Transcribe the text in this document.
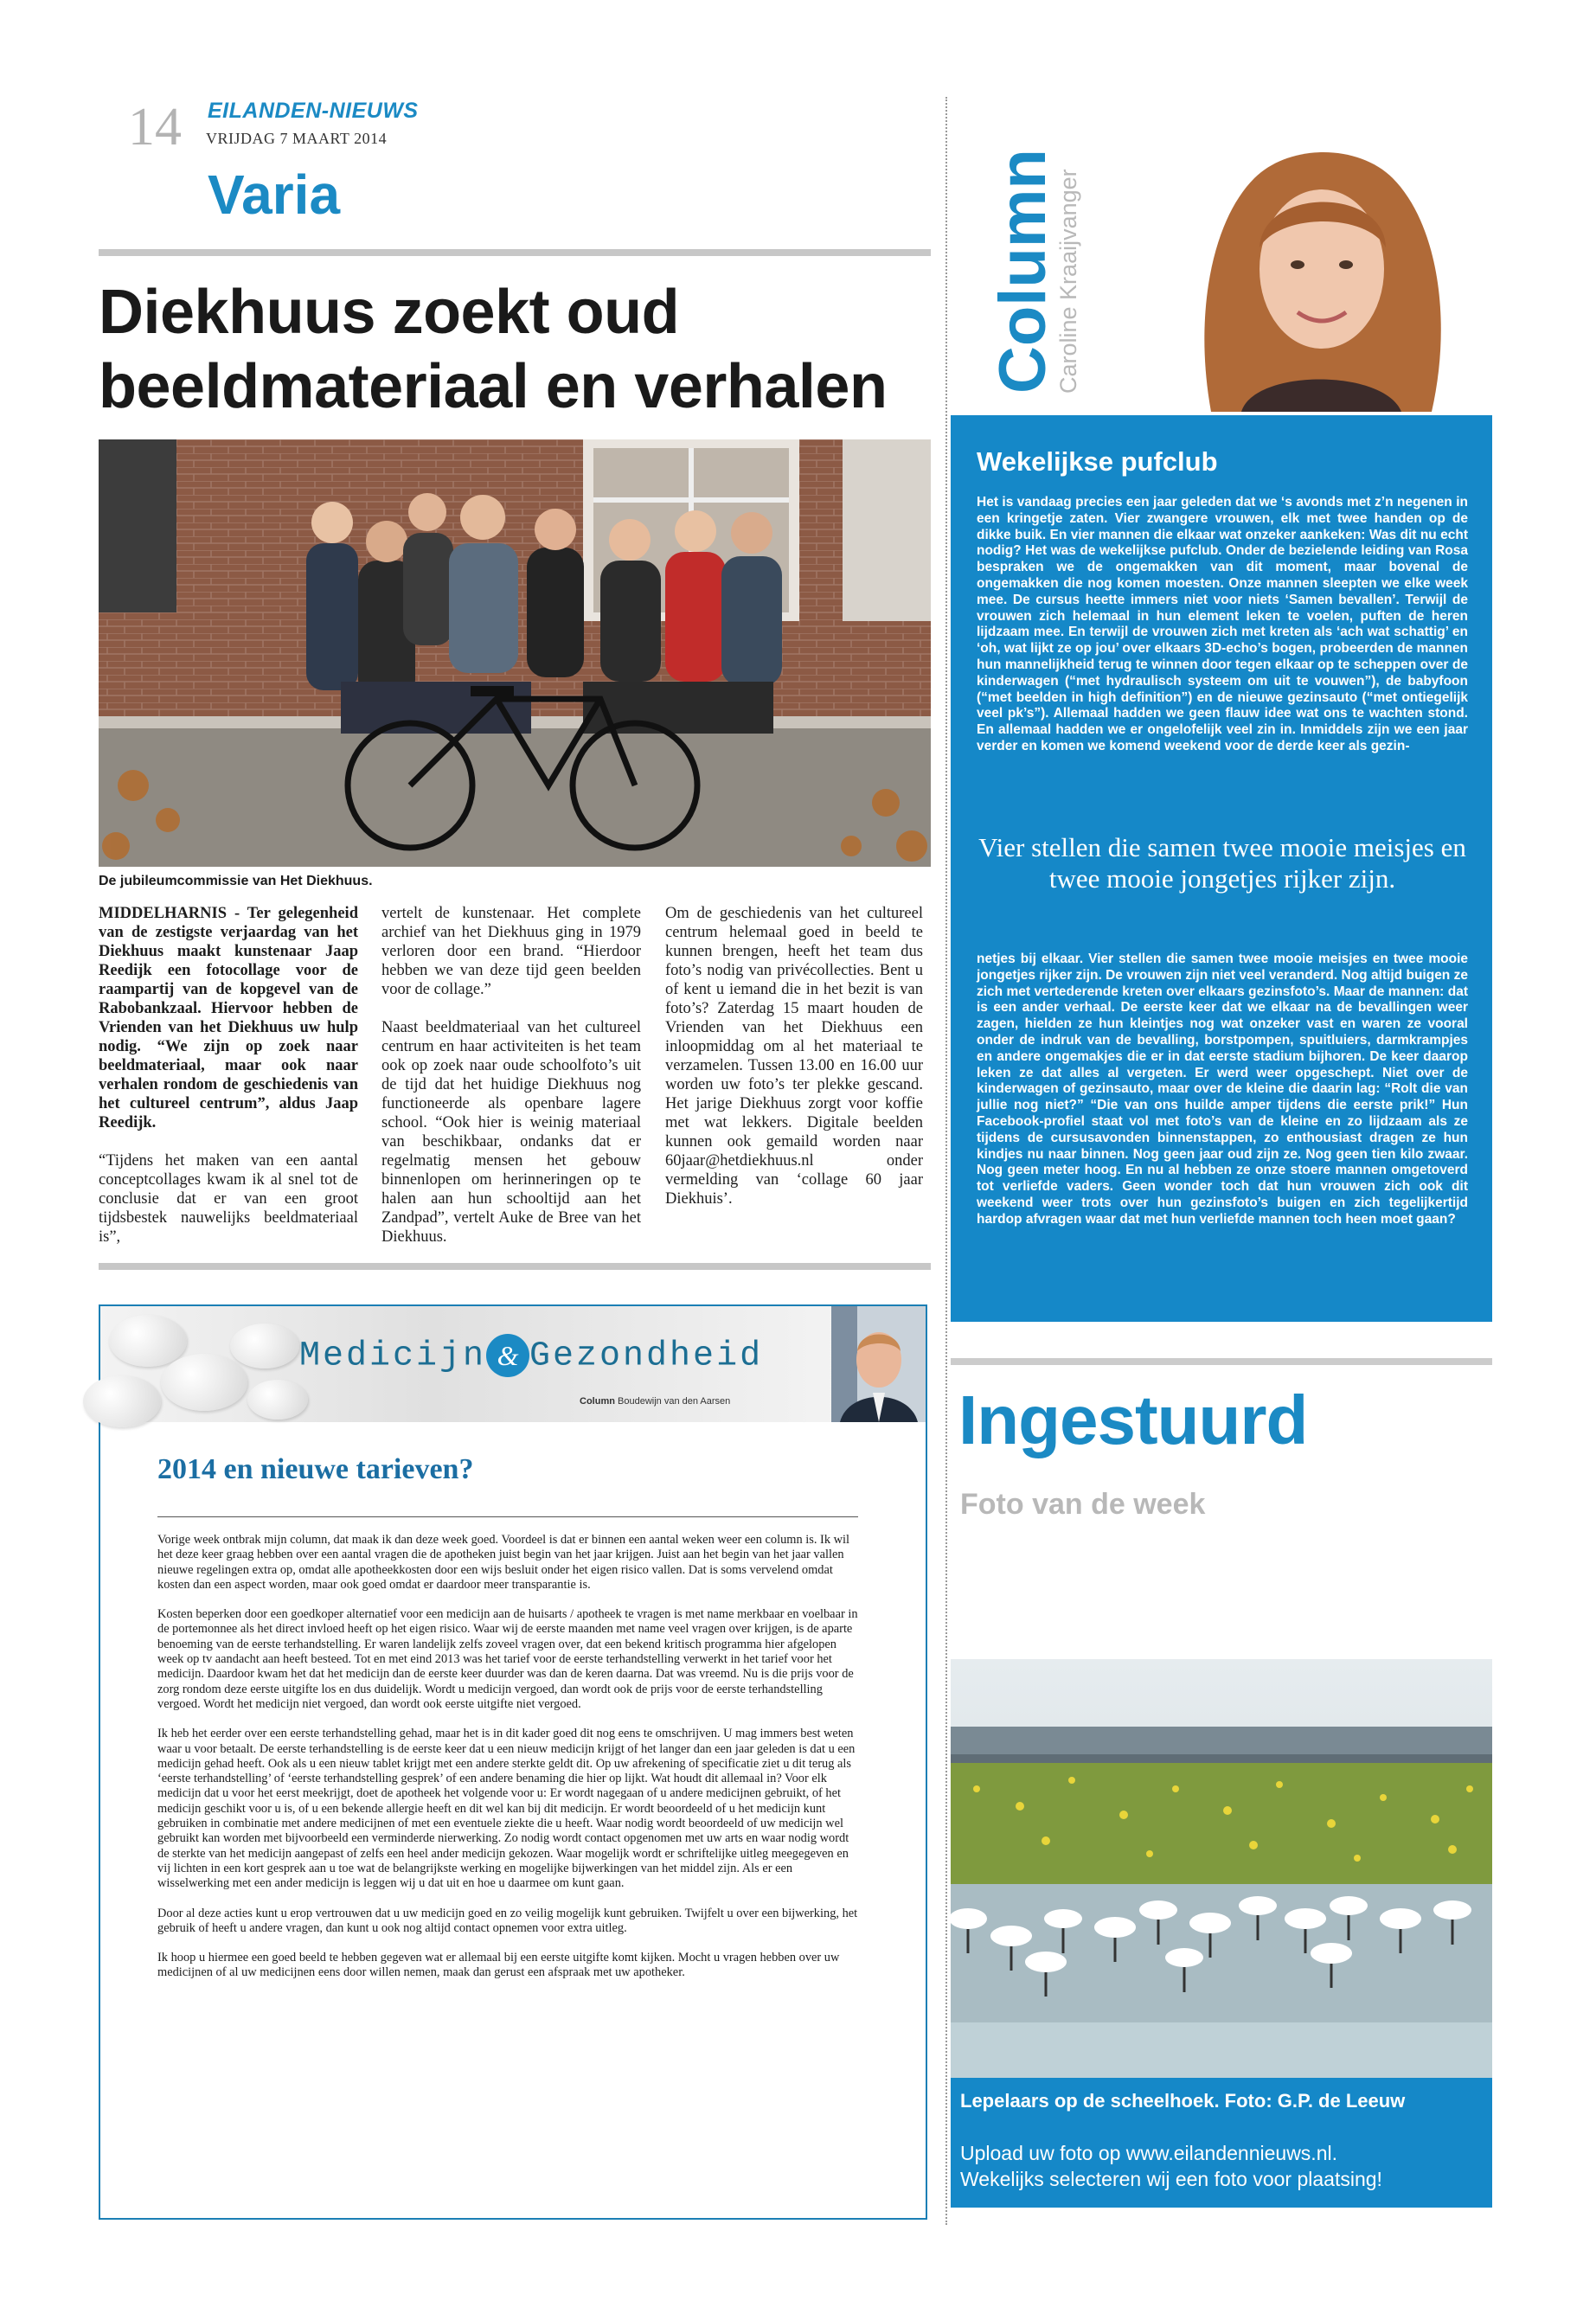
14 EILANDEN-NIEUWS
VRIJDAG 7 MAART 2014
Varia
Diekhuus zoekt oud
beeldmateriaal en verhalen
De jubileumcommissie van Het Diekhuus.

MIDDELHARNIS - Ter gelegenheid van de zestigste verjaardag van het Diekhuus maakt kunstenaar Jaap Reedijk een fotocollage voor de raampartij van de kopgevel van de Rabobankzaal. Hiervoor hebben de Vrienden van het Diekhuus uw hulp nodig. “We zijn op zoek naar beeldmateriaal, maar ook naar verhalen rondom de geschiedenis van het cultureel centrum”, aldus Jaap Reedijk.

“Tijdens het maken van een aantal conceptcollages kwam ik al snel tot de conclusie dat er van een groot tijdsbestek nauwelijks beeldmateriaal is”,

vertelt de kunstenaar. Het complete archief van het Diekhuus ging in 1979 verloren door een brand. “Hierdoor hebben we van deze tijd geen beelden voor de collage.”

Naast beeldmateriaal van het cultureel centrum en haar activiteiten is het team ook op zoek naar oude schoolfoto’s uit de tijd dat het huidige Diekhuus nog functioneerde als openbare lagere school. “Ook hier is weinig materiaal van beschikbaar, ondanks dat er regelmatig mensen het gebouw binnenlopen om herinneringen op te halen aan hun schooltijd aan het Zandpad”, vertelt Auke de Bree van het Diekhuus.

Om de geschiedenis van het cultureel centrum helemaal goed in beeld te kunnen brengen, heeft het team dus foto’s nodig van privécollecties. Bent u of kent u iemand die in het bezit is van foto’s? Zaterdag 15 maart houden de Vrienden van het Diekhuus een inloopmiddag om al het materiaal te verzamelen. Tussen 13.00 en 16.00 uur worden uw foto’s ter plekke gescand. Het jarige Diekhuus zorgt voor koffie met wat lekkers. Digitale beelden kunnen ook gemaild worden naar 60jaar@hetdiekhuus.nl onder vermelding van ‘collage 60 jaar Diekhuis’.

Medicijn & Gezondheid
Column Boudewijn van den Aarsen
2014 en nieuwe tarieven?

Vorige week ontbrak mijn column, dat maak ik dan deze week goed. Voordeel is dat er binnen een aantal weken weer een column is. Ik wil het deze keer graag hebben over een aantal vragen die de apotheken juist begin van het jaar krijgen. Juist aan het begin van het jaar vallen nieuwe regelingen extra op, omdat alle apotheekkosten door een wijs besluit onder het eigen risico vallen. Dat is soms vervelend omdat kosten dan een aspect worden, maar ook goed omdat er daardoor meer transparantie is.

Kosten beperken door een goedkoper alternatief voor een medicijn aan de huisarts / apotheek te vragen is met name merkbaar en voelbaar in de portemonnee als het direct invloed heeft op het eigen risico. Waar wij de eerste maanden met name veel vragen over krijgen, is de aparte benoeming van de eerste terhandstelling. Er waren landelijk zelfs zoveel vragen over, dat een bekend kritisch programma hier afgelopen week op tv aandacht aan heeft besteed. Tot en met eind 2013 was het tarief voor de eerste terhandstelling verwerkt in het tarief voor het medicijn. Daardoor kwam het dat het medicijn dan de eerste keer duurder was dan de keren daarna. Dat was vreemd. Nu is die prijs voor de zorg rondom deze eerste uitgifte los en dus duidelijk. Wordt u medicijn vergoed, dan wordt ook de prijs voor de eerste terhandstelling vergoed. Wordt het medicijn niet vergoed, dan wordt ook eerste uitgifte niet vergoed.

Ik heb het eerder over een eerste terhandstelling gehad, maar het is in dit kader goed dit nog eens te omschrijven. U mag immers best weten waar u voor betaalt. De eerste terhandstelling is de eerste keer dat u een nieuw medicijn krijgt of het langer dan een jaar geleden is dat u een medicijn gehad heeft. Ook als u een nieuw tablet krijgt met een andere sterkte geldt dit. Op uw afrekening of specificatie ziet u dit terug als ‘eerste terhandstelling’ of ‘eerste terhandstelling gesprek’ of een andere benaming die hier op lijkt. Wat houdt dit allemaal in? Voor elk medicijn dat u voor het eerst meekrijgt, doet de apotheek het volgende voor u: Er wordt nagegaan of u andere medicijnen gebruikt, of het medicijn geschikt voor u is, of u een bekende allergie heeft en dit wel kan bij dit medicijn. Er wordt beoordeeld of u het medicijn kunt gebruiken in combinatie met andere medicijnen of met een eventuele ziekte die u heeft. Waar nodig wordt beoordeeld of uw medicijn wel gebruikt kan worden met bijvoorbeeld een verminderde nierwerking. Zo nodig wordt contact opgenomen met uw arts en waar nodig wordt de sterkte van het medicijn aangepast of zelfs een heel ander medicijn gekozen. Waar mogelijk wordt er schriftelijke uitleg meegegeven en vij lichten in een kort gesprek aan u toe wat de belangrijkste werking en mogelijke bijwerkingen van het middel zijn. Als er een wisselwerking met een ander medicijn is leggen wij u dat uit en hoe u daarmee om kunt gaan.

Door al deze acties kunt u erop vertrouwen dat u uw medicijn goed en zo veilig mogelijk kunt gebruiken. Twijfelt u over een bijwerking, het gebruik of heeft u andere vragen, dan kunt u ook nog altijd contact opnemen voor extra uitleg.

Ik hoop u hiermee een goed beeld te hebben gegeven wat er allemaal bij een eerste uitgifte komt kijken. Mocht u vragen hebben over uw medicijnen of al uw medicijnen eens door willen nemen, maak dan gerust een afspraak met uw apotheker.

Column
Caroline Kraaijvanger
Wekelijkse pufclub

Het is vandaag precies een jaar geleden dat we ‘s avonds met z’n negenen in een kringetje zaten. Vier zwangere vrouwen, elk met twee handen op de dikke buik. En vier mannen die elkaar wat onzeker aankeken: Was dit nu echt nodig? Het was de wekelijkse pufclub. Onder de bezielende leiding van Rosa bespraken we de ongemakken van dit moment, maar bovenal de ongemakken die nog komen moesten. Onze mannen sleepten we elke week mee. De cursus heette immers niet voor niets ‘Samen bevallen’. Terwijl de vrouwen zich helemaal in hun element leken te voelen, puften de heren lijdzaam mee. En terwijl de vrouwen zich met kreten als ‘ach wat schattig’ en ‘oh, wat lijkt ze op jou’ over elkaars 3D-echo’s bogen, probeerden de mannen hun mannelijkheid terug te winnen door tegen elkaar op te scheppen over de kinderwagen (“met hydraulisch systeem om uit te vouwen”), de babyfoon (“met beelden in high definition”) en de nieuwe gezinsauto (“met ontiegelijk veel pk’s”). Allemaal hadden we geen flauw idee wat ons te wachten stond. En allemaal hadden we er ongelofelijk veel zin in. Inmiddels zijn we een jaar verder en komen we komend weekend voor de derde keer als gezin-

Vier stellen die samen twee mooie meisjes en twee mooie jongetjes rijker zijn.

netjes bij elkaar. Vier stellen die samen twee mooie meisjes en twee mooie jongetjes rijker zijn. De vrouwen zijn niet veel veranderd. Nog altijd buigen ze zich met vertederende kreten over elkaars gezinsfoto’s. Maar de mannen: dat is een ander verhaal. De eerste keer dat we elkaar na de bevallingen weer zagen, hielden ze hun kleintjes nog wat onzeker vast en waren ze vooral onder de indruk van de bevalling, borstpompen, spuitluiers, darmkrampjes en andere ongemakjes die er in dat eerste stadium bijhoren. De keer daarop leken ze dat alles al vergeten. Er werd weer opgeschept. Niet over de kinderwagen of gezinsauto, maar over de kleine die daarin lag: “Rolt die van jullie nog niet?” “Die van ons huilde amper tijdens die eerste prik!” Hun Facebook-profiel staat vol met foto’s van de kleine en zo lijdzaam als ze tijdens de cursusavonden binnenstappen, zo enthousiast dragen ze hun kindjes nu naar binnen. Nog geen jaar oud zijn ze. Nog geen tien kilo zwaar. Nog geen meter hoog. En nu al hebben ze onze stoere mannen omgetoverd tot verliefde vaders. Geen wonder toch dat hun vrouwen zich ook dit weekend weer trots over hun gezinsfoto’s buigen en zich tegelijkertijd hardop afvragen waar dat met hun verliefde mannen toch heen moet gaan?

Ingestuurd
Foto van de week
Lepelaars op de scheelhoek. Foto: G.P. de Leeuw
Upload uw foto op www.eilandennieuws.nl.
Wekelijks selecteren wij een foto voor plaatsing!
